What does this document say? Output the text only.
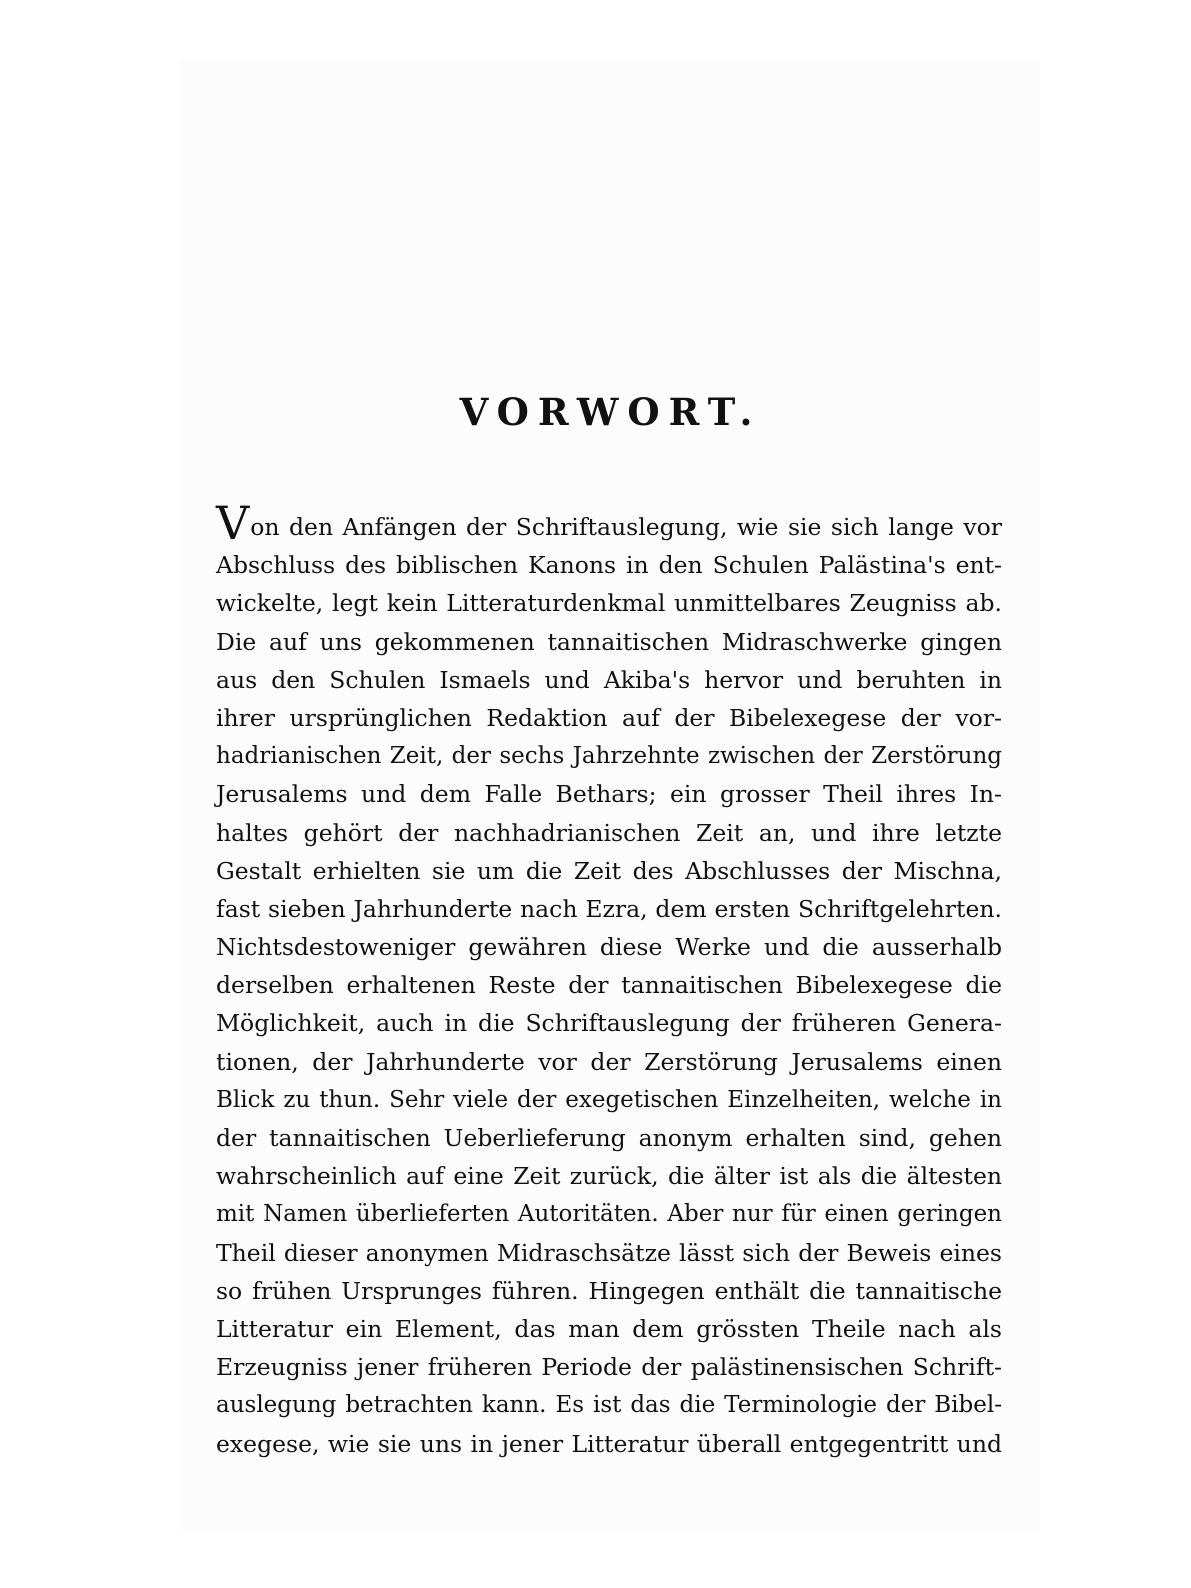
VORWORT.
Von den Anfängen der Schriftauslegung, wie sie sich lange vor
Abschluss des biblischen Kanons in den Schulen Palästina's ent-
wickelte, legt kein Litteraturdenkmal unmittelbares Zeugniss ab.
Die auf uns gekommenen tannaitischen Midraschwerke gingen
aus den Schulen Ismaels und Akiba's hervor und beruhten in
ihrer ursprünglichen Redaktion auf der Bibelexegese der vor-
hadrianischen Zeit, der sechs Jahrzehnte zwischen der Zerstörung
Jerusalems und dem Falle Bethars; ein grosser Theil ihres In-
haltes gehört der nachhadrianischen Zeit an, und ihre letzte
Gestalt erhielten sie um die Zeit des Abschlusses der Mischna,
fast sieben Jahrhunderte nach Ezra, dem ersten Schriftgelehrten.
Nichtsdestoweniger gewähren diese Werke und die ausserhalb
derselben erhaltenen Reste der tannaitischen Bibelexegese die
Möglichkeit, auch in die Schriftauslegung der früheren Genera-
tionen, der Jahrhunderte vor der Zerstörung Jerusalems einen
Blick zu thun. Sehr viele der exegetischen Einzelheiten, welche in
der tannaitischen Ueberlieferung anonym erhalten sind, gehen
wahrscheinlich auf eine Zeit zurück, die älter ist als die ältesten
mit Namen überlieferten Autoritäten. Aber nur für einen geringen
Theil dieser anonymen Midraschsätze lässt sich der Beweis eines
so frühen Ursprunges führen. Hingegen enthält die tannaitische
Litteratur ein Element, das man dem grössten Theile nach als
Erzeugniss jener früheren Periode der palästinensischen Schrift-
auslegung betrachten kann. Es ist das die Terminologie der Bibel-
exegese, wie sie uns in jener Litteratur überall entgegentritt und
